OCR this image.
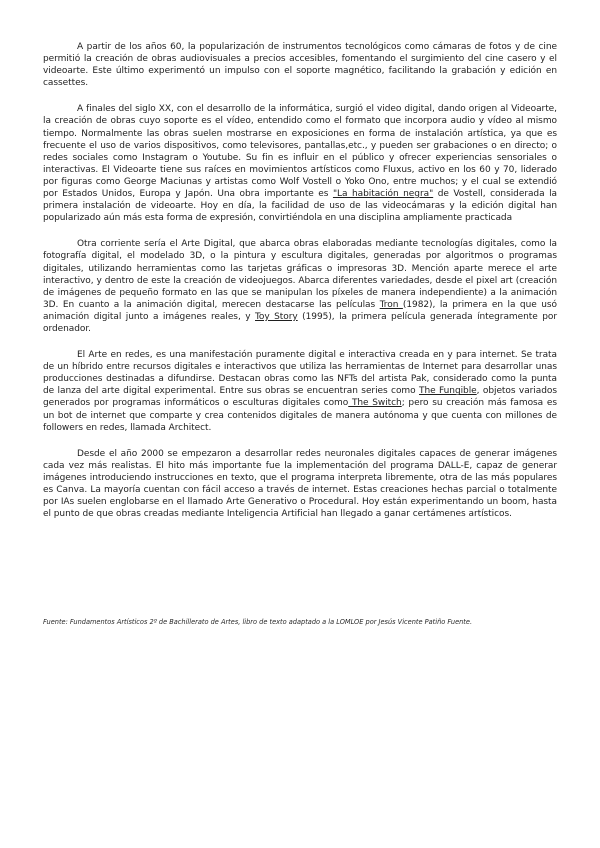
A partir de los años 60, la popularización de instrumentos tecnológicos como cámaras de fotos y de cine permitió la creación de obras audiovisuales a precios accesibles, fomentando el surgimiento del cine casero y el videoarte. Este último experimentó un impulso con el soporte magnético, facilitando la grabación y edición en cassettes.

A finales del siglo XX, con el desarrollo de la informática, surgió el video digital, dando origen al Videoarte, la creación de obras cuyo soporte es el vídeo, entendido como el formato que incorpora audio y vídeo al mismo tiempo. Normalmente las obras suelen mostrarse en exposiciones en forma de instalación artística, ya que es frecuente el uso de varios dispositivos, como televisores, pantallas,etc., y pueden ser grabaciones o en directo; o redes sociales como Instagram o Youtube. Su fin es influir en el público y ofrecer experiencias sensoriales o interactivas. El Videoarte tiene sus raíces en movimientos artísticos como Fluxus, activo en los 60 y 70, liderado por figuras como George Maciunas y artistas como Wolf Vostell o Yoko Ono, entre muchos; y el cual se extendió por Estados Unidos, Europa y Japón. Una obra importante es "La habitación negra" de Vostell, considerada la primera instalación de videoarte. Hoy en día, la facilidad de uso de las videocámaras y la edición digital han popularizado aún más esta forma de expresión, convirtiéndola en una disciplina ampliamente practicada

Otra corriente sería el Arte Digital, que abarca obras elaboradas mediante tecnologías digitales, como la fotografía digital, el modelado 3D, o la pintura y escultura digitales, generadas por algoritmos o programas digitales, utilizando herramientas como las tarjetas gráficas o impresoras 3D. Mención aparte merece el arte interactivo, y dentro de este la creación de videojuegos. Abarca diferentes variedades, desde el pixel art (creación de imágenes de pequeño formato en las que se manipulan los píxeles de manera independiente) a la animación 3D. En cuanto a la animación digital, merecen destacarse las películas Tron (1982), la primera en la que usó animación digital junto a imágenes reales, y Toy Story (1995), la primera película generada íntegramente por ordenador.

El Arte en redes, es una manifestación puramente digital e interactiva creada en y para internet. Se trata de un híbrido entre recursos digitales e interactivos que utiliza las herramientas de Internet para desarrollar unas producciones destinadas a difundirse. Destacan obras como las NFTs del artista Pak, considerado como la punta de lanza del arte digital experimental. Entre sus obras se encuentran series como The Fungible, objetos variados generados por programas informáticos o esculturas digitales como The Switch; pero su creación más famosa es un bot de internet que comparte y crea contenidos digitales de manera autónoma y que cuenta con millones de followers en redes, llamada Architect.

Desde el año 2000 se empezaron a desarrollar redes neuronales digitales capaces de generar imágenes cada vez más realistas. El hito más importante fue la implementación del programa DALL-E, capaz de generar imágenes introduciendo instrucciones en texto, que el programa interpreta libremente, otra de las más populares es Canva. La mayoría cuentan con fácil acceso a través de internet. Estas creaciones hechas parcial o totalmente por IAs suelen englobarse en el llamado Arte Generativo o Procedural. Hoy están experimentando un boom, hasta el punto de que obras creadas mediante Inteligencia Artificial han llegado a ganar certámenes artísticos.

Fuente: Fundamentos Artísticos 2º de Bachillerato de Artes, libro de texto adaptado a la LOMLOE por Jesús Vicente Patiño Fuente.
